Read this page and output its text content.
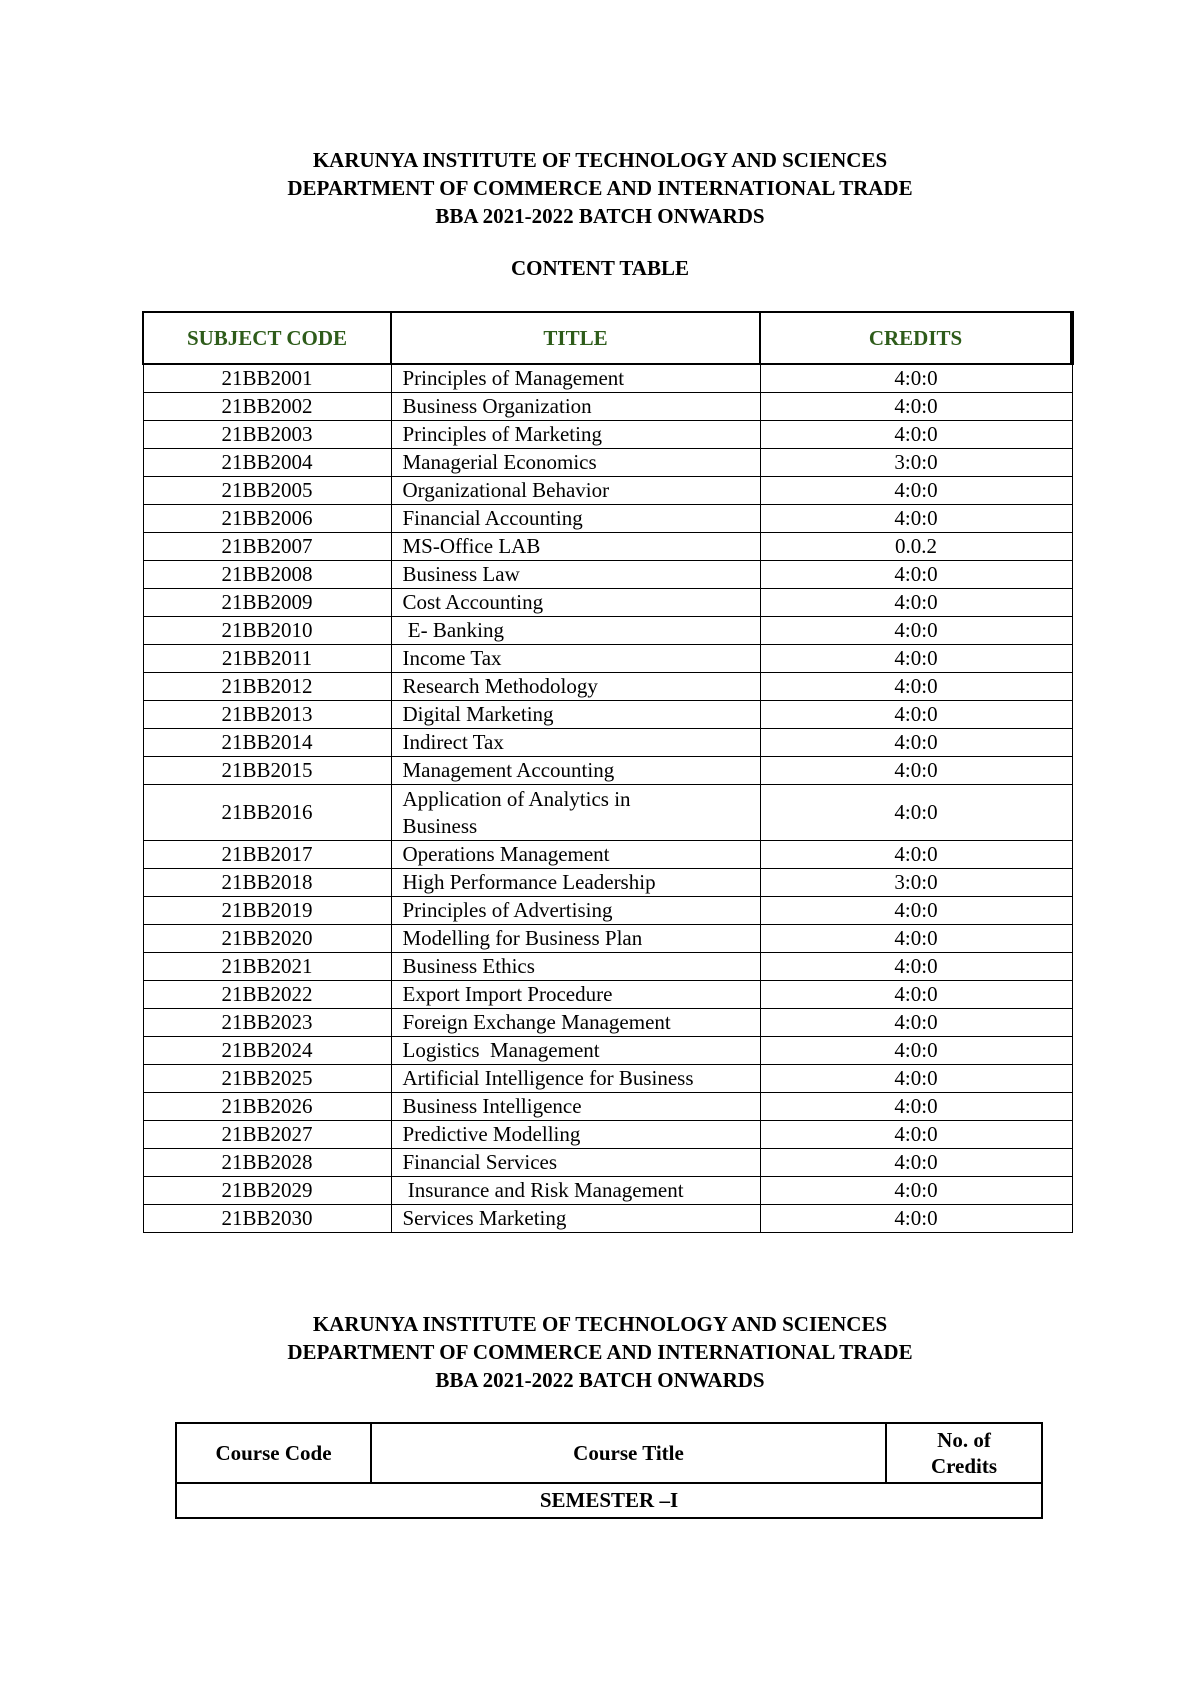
KARUNYA INSTITUTE OF TECHNOLOGY AND SCIENCES
DEPARTMENT OF COMMERCE AND INTERNATIONAL TRADE
BBA 2021-2022 BATCH ONWARDS
CONTENT TABLE
SUBJECT CODE	TITLE	CREDITS
21BB2001	Principles of Management	4:0:0
21BB2002	Business Organization	4:0:0
21BB2003	Principles of Marketing	4:0:0
21BB2004	Managerial Economics	3:0:0
21BB2005	Organizational Behavior	4:0:0
21BB2006	Financial Accounting	4:0:0
21BB2007	MS-Office LAB	0.0.2
21BB2008	Business Law	4:0:0
21BB2009	Cost Accounting	4:0:0
21BB2010	E- Banking	4:0:0
21BB2011	Income Tax	4:0:0
21BB2012	Research Methodology	4:0:0
21BB2013	Digital Marketing	4:0:0
21BB2014	Indirect Tax	4:0:0
21BB2015	Management Accounting	4:0:0
21BB2016	Application of Analytics in Business	4:0:0
21BB2017	Operations Management	4:0:0
21BB2018	High Performance Leadership	3:0:0
21BB2019	Principles of Advertising	4:0:0
21BB2020	Modelling for Business Plan	4:0:0
21BB2021	Business Ethics	4:0:0
21BB2022	Export Import Procedure	4:0:0
21BB2023	Foreign Exchange Management	4:0:0
21BB2024	Logistics  Management	4:0:0
21BB2025	Artificial Intelligence for Business	4:0:0
21BB2026	Business Intelligence	4:0:0
21BB2027	Predictive Modelling	4:0:0
21BB2028	Financial Services	4:0:0
21BB2029	Insurance and Risk Management	4:0:0
21BB2030	Services Marketing	4:0:0
KARUNYA INSTITUTE OF TECHNOLOGY AND SCIENCES
DEPARTMENT OF COMMERCE AND INTERNATIONAL TRADE
BBA 2021-2022 BATCH ONWARDS
Course Code	Course Title	No. of
Credits
SEMESTER –I
